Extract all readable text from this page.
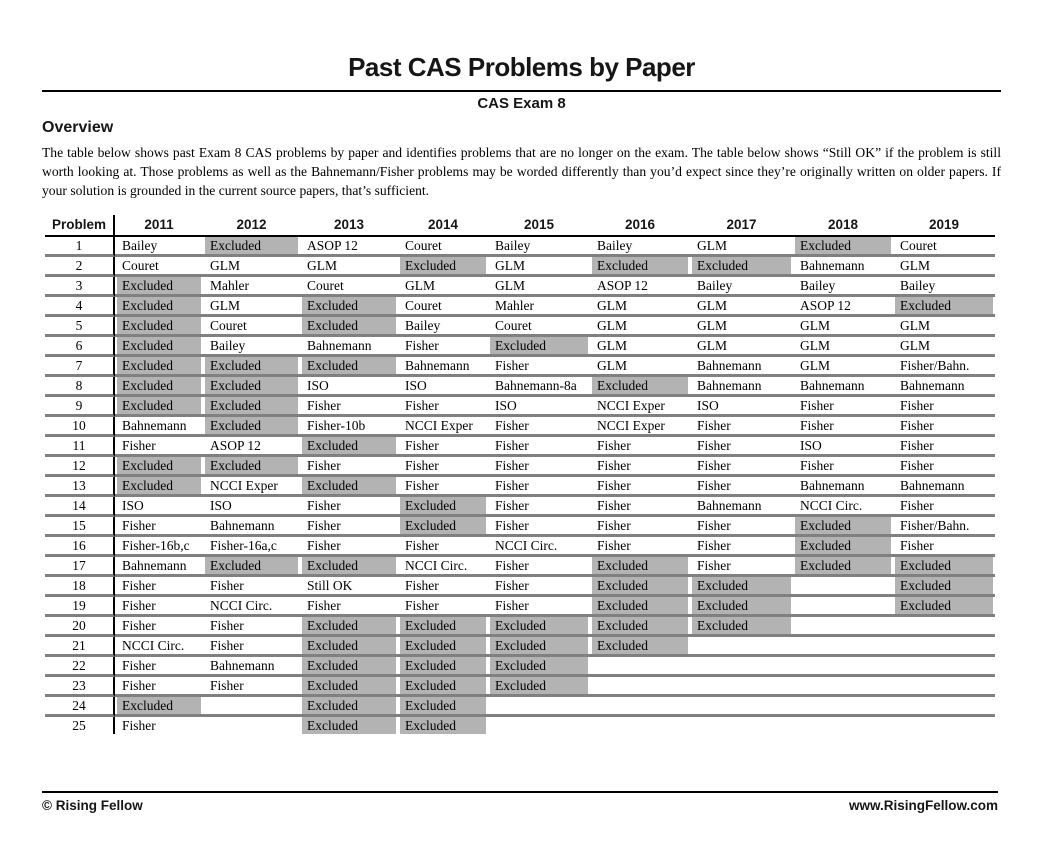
Past CAS Problems by Paper
CAS Exam 8
Overview

The table below shows past Exam 8 CAS problems by paper and identifies problems that are no longer on the exam. The table below shows “Still OK” if the problem is still worth looking at. Those problems as well as the Bahnemann/Fisher problems may be worded differently than you’d expect since they’re originally written on older papers. If your solution is grounded in the current source papers, that’s sufficient.

Problem	2011	2012	2013	2014	2015	2016	2017	2018	2019
1	Bailey	Excluded	ASOP 12	Couret	Bailey	Bailey	GLM	Excluded	Couret
2	Couret	GLM	GLM	Excluded	GLM	Excluded	Excluded	Bahnemann	GLM
3	Excluded	Mahler	Couret	GLM	GLM	ASOP 12	Bailey	Bailey	Bailey
4	Excluded	GLM	Excluded	Couret	Mahler	GLM	GLM	ASOP 12	Excluded
5	Excluded	Couret	Excluded	Bailey	Couret	GLM	GLM	GLM	GLM
6	Excluded	Bailey	Bahnemann	Fisher	Excluded	GLM	GLM	GLM	GLM
7	Excluded	Excluded	Excluded	Bahnemann	Fisher	GLM	Bahnemann	GLM	Fisher/Bahn.
8	Excluded	Excluded	ISO	ISO	Bahnemann-8a	Excluded	Bahnemann	Bahnemann	Bahnemann
9	Excluded	Excluded	Fisher	Fisher	ISO	NCCI Exper	ISO	Fisher	Fisher
10	Bahnemann	Excluded	Fisher-10b	NCCI Exper	Fisher	NCCI Exper	Fisher	Fisher	Fisher
11	Fisher	ASOP 12	Excluded	Fisher	Fisher	Fisher	Fisher	ISO	Fisher
12	Excluded	Excluded	Fisher	Fisher	Fisher	Fisher	Fisher	Fisher	Fisher
13	Excluded	NCCI Exper	Excluded	Fisher	Fisher	Fisher	Fisher	Bahnemann	Bahnemann
14	ISO	ISO	Fisher	Excluded	Fisher	Fisher	Bahnemann	NCCI Circ.	Fisher
15	Fisher	Bahnemann	Fisher	Excluded	Fisher	Fisher	Fisher	Excluded	Fisher/Bahn.
16	Fisher-16b,c	Fisher-16a,c	Fisher	Fisher	NCCI Circ.	Fisher	Fisher	Excluded	Fisher
17	Bahnemann	Excluded	Excluded	NCCI Circ.	Fisher	Excluded	Fisher	Excluded	Excluded
18	Fisher	Fisher	Still OK	Fisher	Fisher	Excluded	Excluded		Excluded
19	Fisher	NCCI Circ.	Fisher	Fisher	Fisher	Excluded	Excluded		Excluded
20	Fisher	Fisher	Excluded	Excluded	Excluded	Excluded	Excluded		
21	NCCI Circ.	Fisher	Excluded	Excluded	Excluded	Excluded			
22	Fisher	Bahnemann	Excluded	Excluded	Excluded				
23	Fisher	Fisher	Excluded	Excluded	Excluded				
24	Excluded		Excluded	Excluded					
25	Fisher		Excluded	Excluded					
© Rising Fellow	www.RisingFellow.com
